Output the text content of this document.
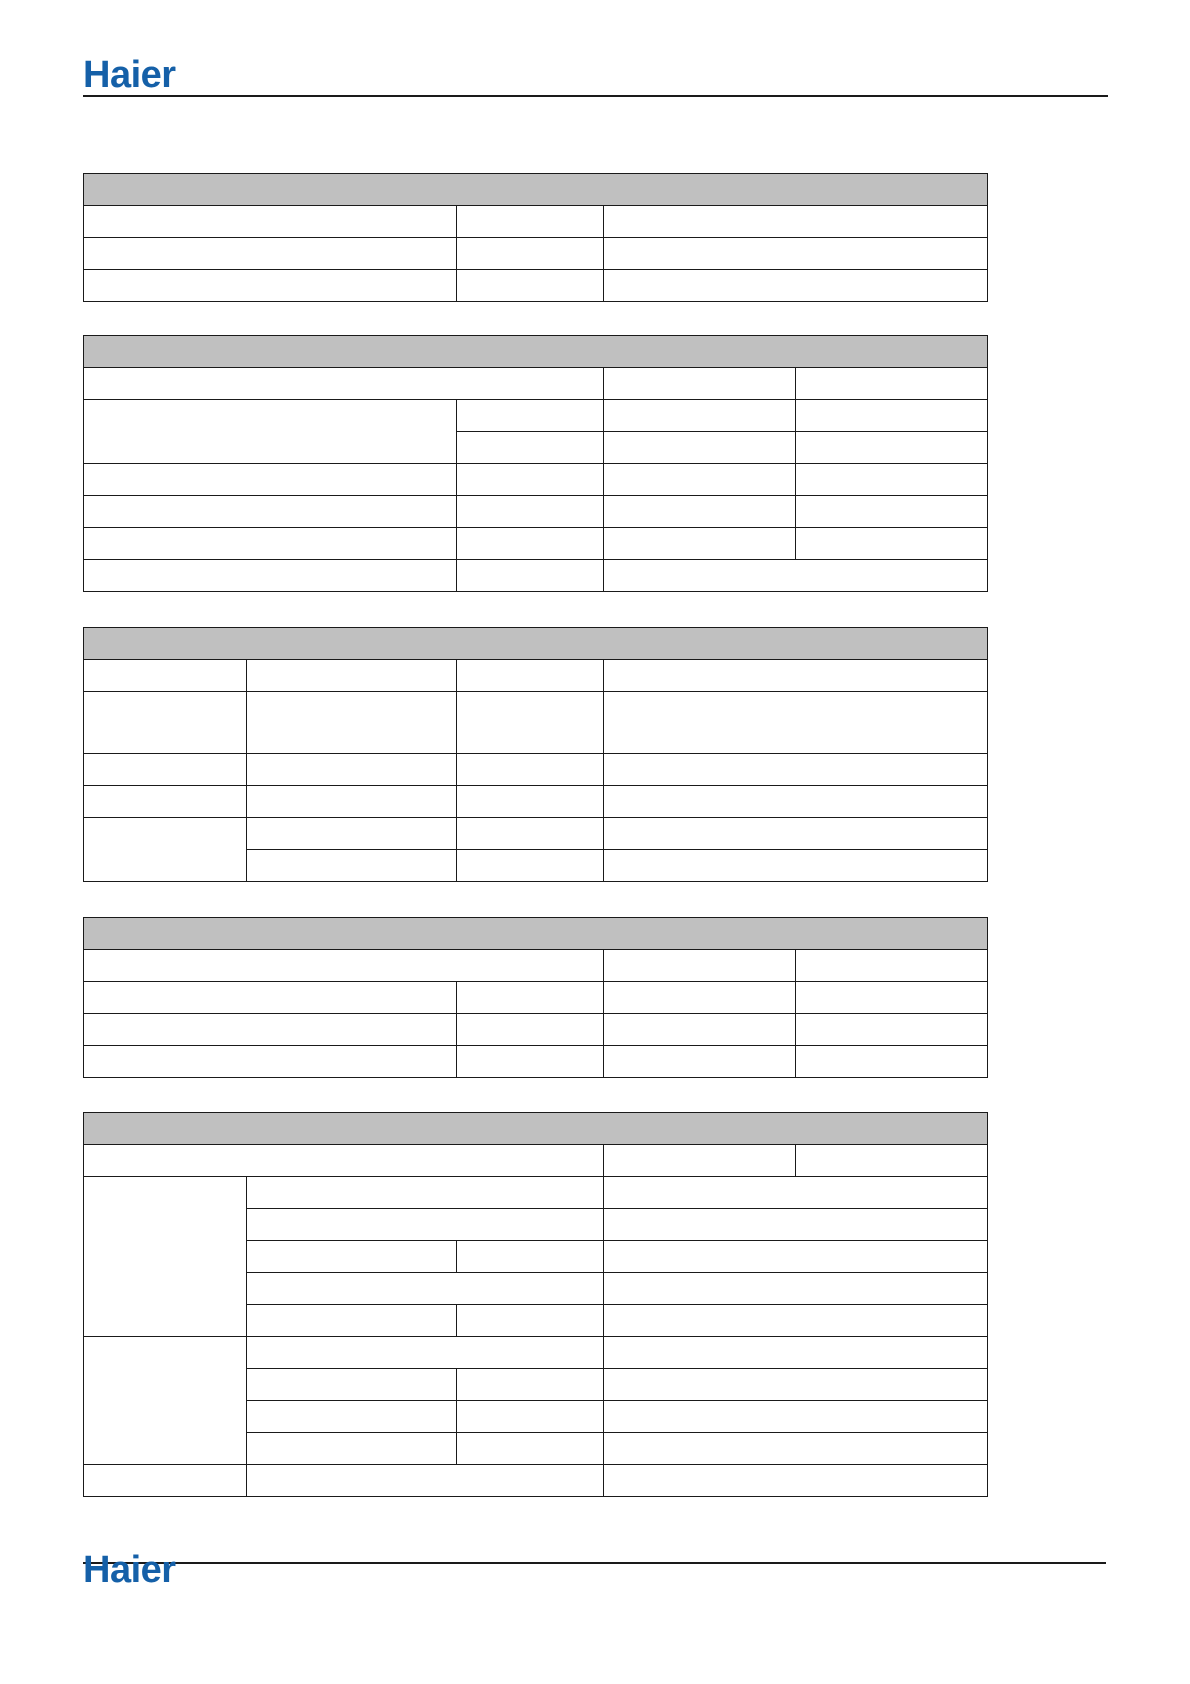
Haier

Haier
